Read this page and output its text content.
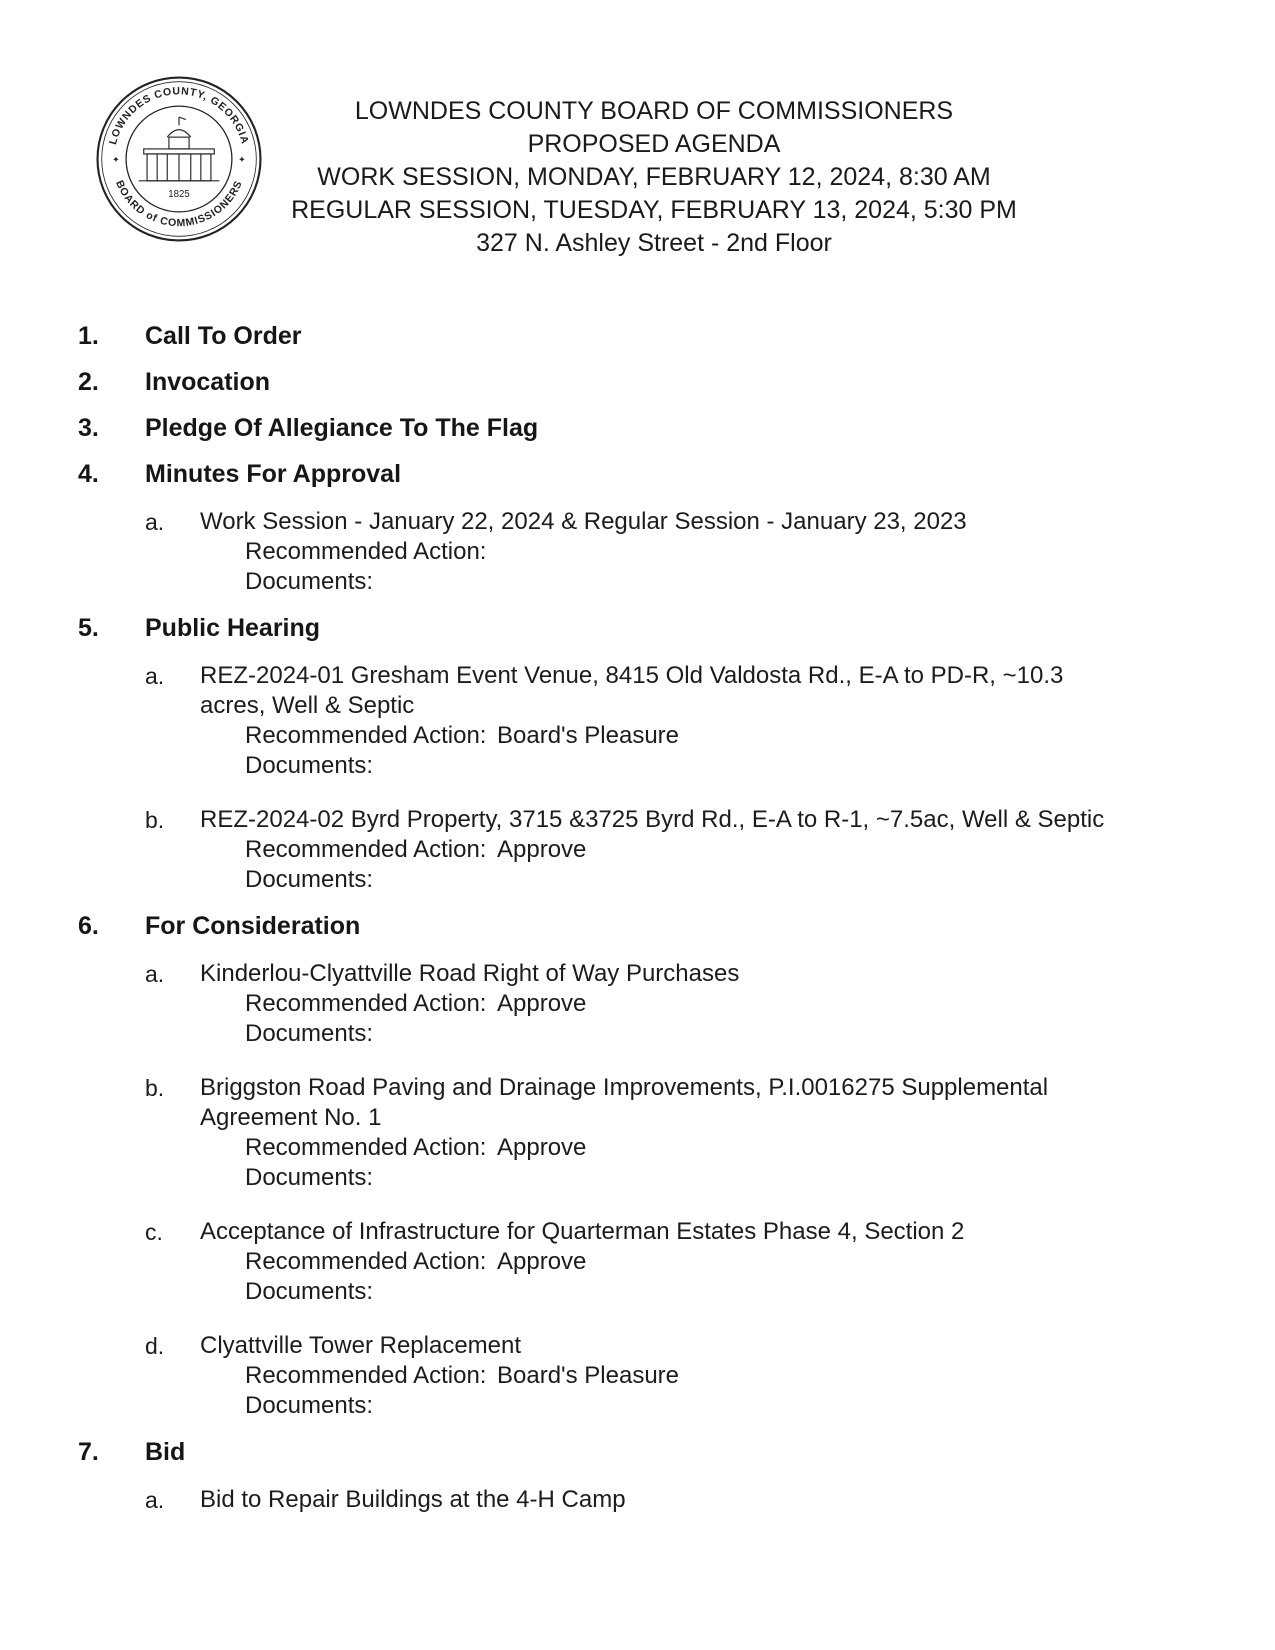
LOWNDES COUNTY, GEORGIA
BOARD of COMMISSIONERS
✦	✦
1825
LOWNDES COUNTY BOARD OF COMMISSIONERS
PROPOSED AGENDA
WORK SESSION, MONDAY, FEBRUARY 12, 2024, 8:30 AM
REGULAR SESSION, TUESDAY, FEBRUARY 13, 2024, 5:30 PM
327 N. Ashley Street - 2nd Floor
1.	Call To Order
2.	Invocation
3.	Pledge Of Allegiance To The Flag
4.	Minutes For Approval
a.	Work Session - January 22, 2024 & Regular Session - January 23, 2023
Recommended Action:
Documents:
5.	Public Hearing
a.	REZ-2024-01 Gresham Event Venue, 8415 Old Valdosta Rd., E-A to PD-R, ~10.3 acres, Well & Septic
Recommended Action: Board's Pleasure
Documents:
b.	REZ-2024-02 Byrd Property, 3715 &3725 Byrd Rd., E-A to R-1, ~7.5ac, Well & Septic
Recommended Action: Approve
Documents:
6.	For Consideration
a.	Kinderlou-Clyattville Road Right of Way Purchases
Recommended Action: Approve
Documents:
b.	Briggston Road Paving and Drainage Improvements, P.I.0016275 Supplemental Agreement No. 1
Recommended Action: Approve
Documents:
c.	Acceptance of Infrastructure for Quarterman Estates Phase 4, Section 2
Recommended Action: Approve
Documents:
d.	Clyattville Tower Replacement
Recommended Action: Board's Pleasure
Documents:
7.	Bid
a.	Bid to Repair Buildings at the 4-H Camp
